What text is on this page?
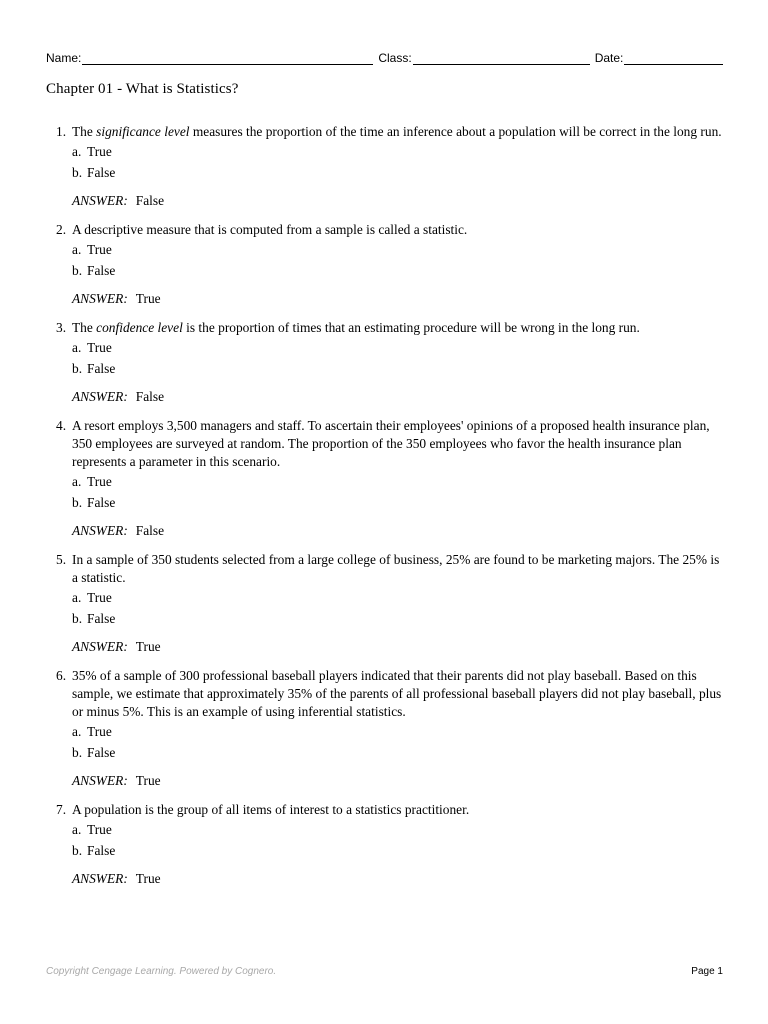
Name:	Class:	Date:
Chapter 01 - What is Statistics?
1. The significance level measures the proportion of the time an inference about a population will be correct in the long run.
a. True
b. False
ANSWER: False
2. A descriptive measure that is computed from a sample is called a statistic.
a. True
b. False
ANSWER: True
3. The confidence level is the proportion of times that an estimating procedure will be wrong in the long run.
a. True
b. False
ANSWER: False
4. A resort employs 3,500 managers and staff. To ascertain their employees' opinions of a proposed health insurance plan, 350 employees are surveyed at random. The proportion of the 350 employees who favor the health insurance plan represents a parameter in this scenario.
a. True
b. False
ANSWER: False
5. In a sample of 350 students selected from a large college of business, 25% are found to be marketing majors. The 25% is a statistic.
a. True
b. False
ANSWER: True
6. 35% of a sample of 300 professional baseball players indicated that their parents did not play baseball. Based on this sample, we estimate that approximately 35% of the parents of all professional baseball players did not play baseball, plus or minus 5%. This is an example of using inferential statistics.
a. True
b. False
ANSWER: True
7. A population is the group of all items of interest to a statistics practitioner.
a. True
b. False
ANSWER: True
Copyright Cengage Learning. Powered by Cognero.	Page 1
